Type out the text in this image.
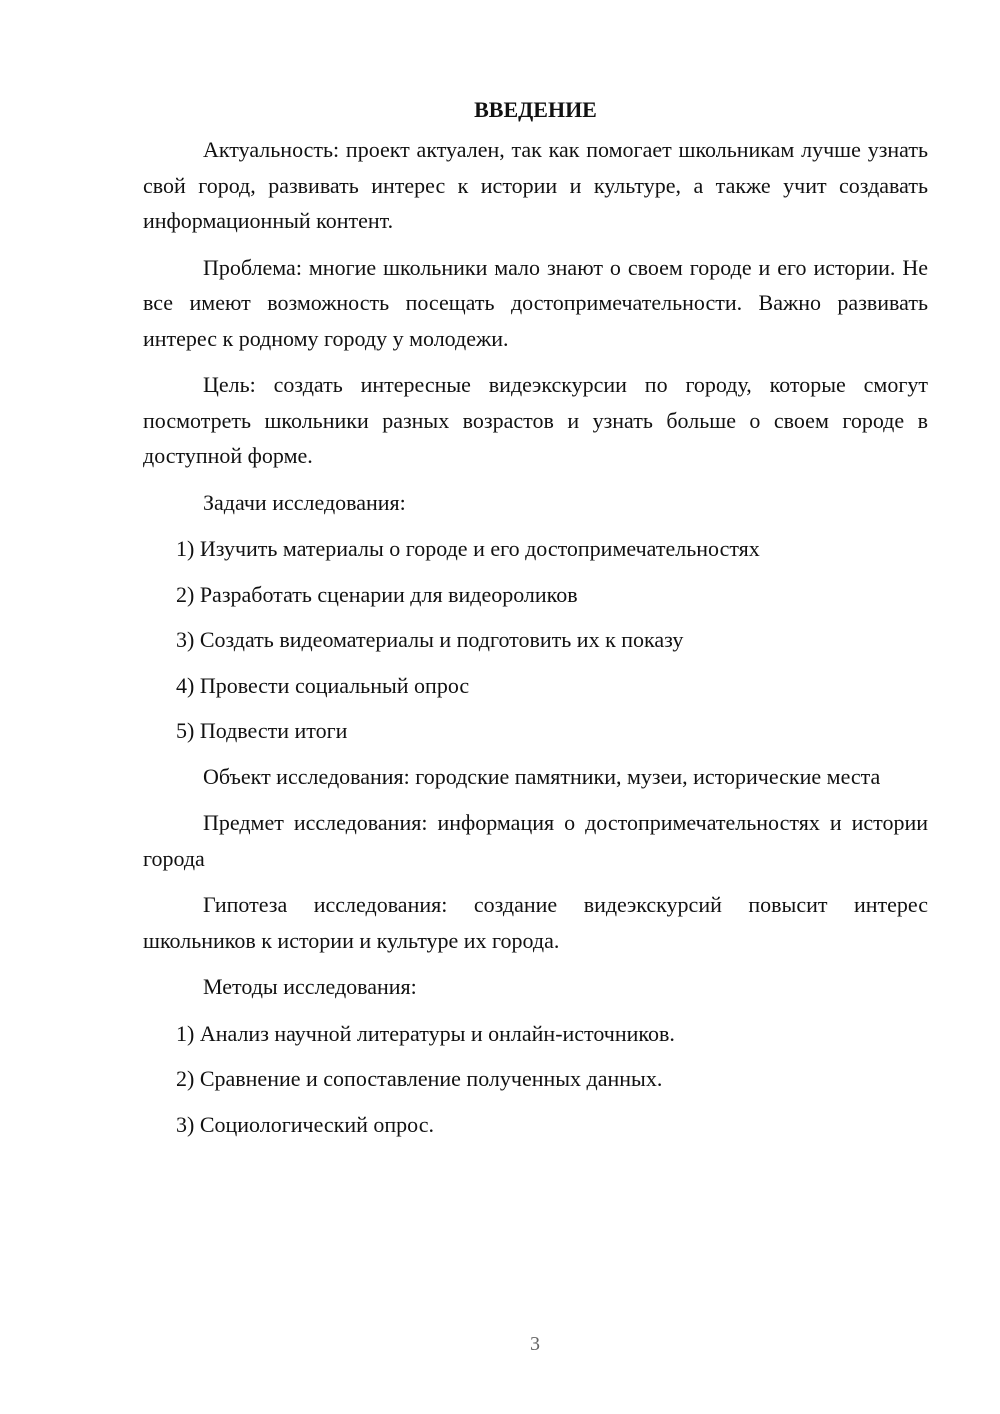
ВВЕДЕНИЕ

Актуальность: проект актуален, так как помогает школьникам лучше узнать свой город, развивать интерес к истории и культуре, а также учит создавать информационный контент.

Проблема: многие школьники мало знают о своем городе и его истории. Не все имеют возможность посещать достопримечательности. Важно развивать интерес к родному городу у молодежи.

Цель: создать интересные видеэкскурсии по городу, которые смогут посмотреть школьники разных возрастов и узнать больше о своем городе в доступной форме.

Задачи исследования:

1) Изучить материалы о городе и его достопримечательностях
2) Разработать сценарии для видеороликов
3) Создать видеоматериалы и подготовить их к показу
4) Провести социальный опрос
5) Подвести итоги

Объект исследования: городские памятники, музеи, исторические места

Предмет исследования: информация о достопримечательностях и истории города

Гипотеза исследования: создание видеэкскурсий повысит интерес школьников к истории и культуре их города.

Методы исследования:

1) Анализ научной литературы и онлайн-источников.
2) Сравнение и сопоставление полученных данных.
3) Социологический опрос.
3
